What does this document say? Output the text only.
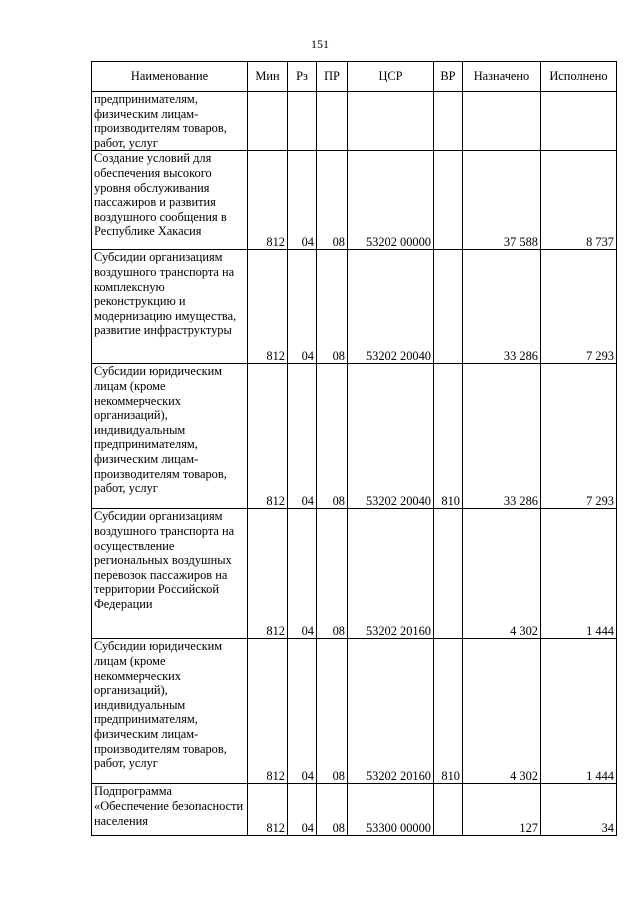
151
Наименование	Мин	Рз	ПР	ЦСР	ВР	Назначено	Исполнено
предпринимателям, физическим лицам-производителям товаров, работ, услуг							
Создание условий для обеспечения высокого уровня обслуживания пассажиров и развития воздушного сообщения в Республике Хакасия	812	04	08	53202 00000		37 588	8 737
Субсидии организациям воздушного транспорта на комплексную реконструкцию и модернизацию имущества, развитие инфраструктуры	812	04	08	53202 20040		33 286	7 293
Субсидии юридическим лицам (кроме некоммерческих организаций), индивидуальным предпринимателям, физическим лицам-производителям товаров, работ, услуг	812	04	08	53202 20040	810	33 286	7 293
Субсидии организациям воздушного транспорта на осуществление региональных воздушных перевозок пассажиров на территории Российской Федерации	812	04	08	53202 20160		4 302	1 444
Субсидии юридическим лицам (кроме некоммерческих организаций), индивидуальным предпринимателям, физическим лицам-производителям товаров, работ, услуг	812	04	08	53202 20160	810	4 302	1 444
Подпрограмма «Обеспечение безопасности населения	812	04	08	53300 00000		127	34
